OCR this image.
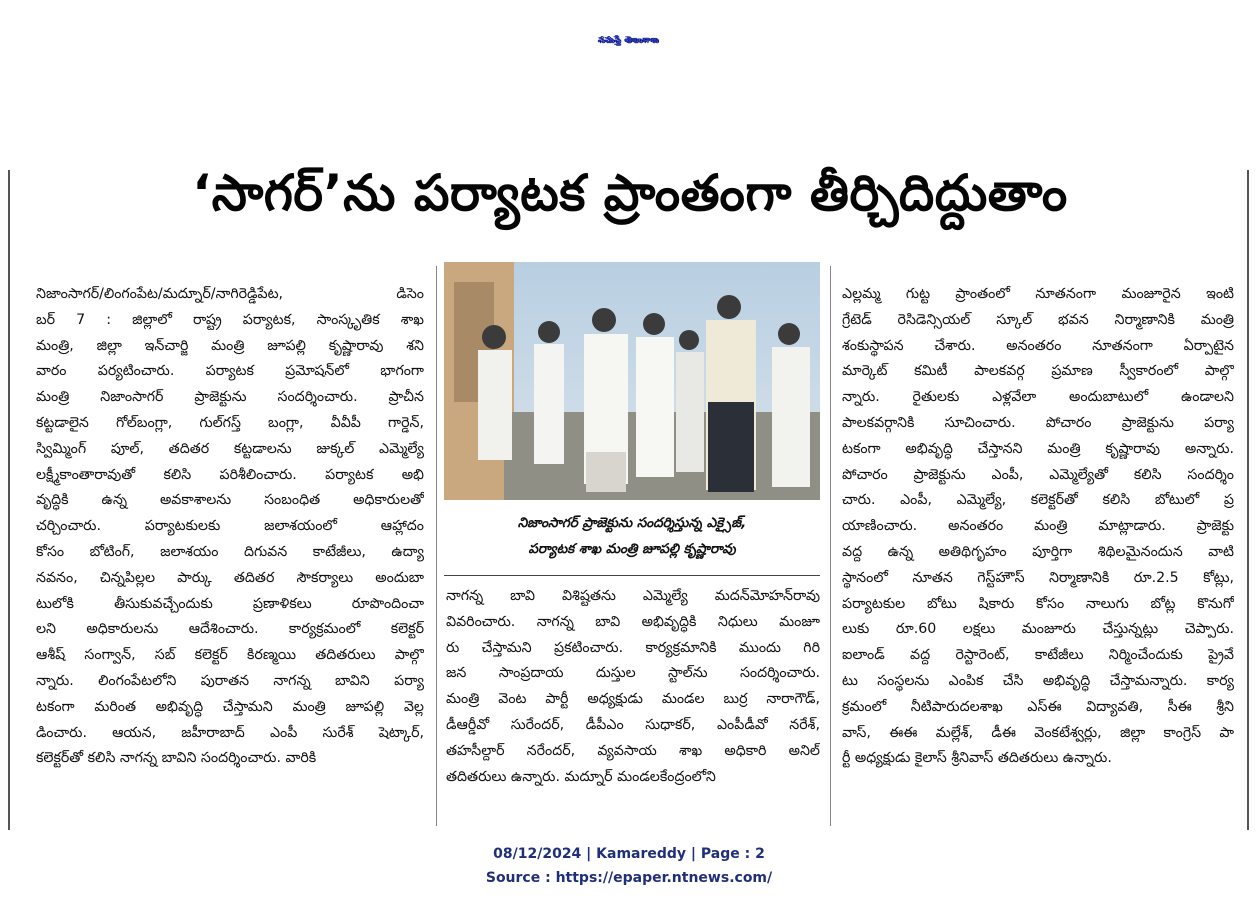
నమస్తే తెలంగాణ
‘సాగర్’ను పర్యాటక ప్రాంతంగా తీర్చిదిద్దుతాం
నిజాంసాగర్/లింగంపేట/మద్నూర్/నాగిరెడ్డిపేట, డిసెం
బర్ 7 : జిల్లాలో రాష్ట్ర పర్యాటక, సాంస్కృతిక శాఖ
మంత్రి, జిల్లా ఇన్‌చార్జి మంత్రి జూపల్లి కృష్ణారావు శని
వారం పర్యటించారు. పర్యాటక ప్రమోషన్‌లో భాగంగా
మంత్రి నిజాంసాగర్ ప్రాజెక్టును సందర్శించారు. ప్రాచీన
కట్టడాలైన గోల్‌బంగ్లా, గుల్‌గస్త్ బంగ్లా, వీవీపీ గార్డెన్,
స్విమ్మింగ్ పూల్, తదితర కట్టడాలను జుక్కల్ ఎమ్మెల్యే
లక్ష్మీకాంతారావుతో కలిసి పరిశీలించారు. పర్యాటక అభి
వృద్ధికి ఉన్న అవకాశాలను సంబంధిత అధికారులతో
చర్చించారు. పర్యాటకులకు జలాశయంలో ఆహ్లాదం
కోసం బోటింగ్, జలాశయం దిగువన కాటేజీలు, ఉద్యా
నవనం, చిన్నపిల్లల పార్కు తదితర సౌకర్యాలు అందుబా
టులోకి తీసుకువచ్చేందుకు ప్రణాళికలు రూపొందించా
లని అధికారులను ఆదేశించారు. కార్యక్రమంలో కలెక్టర్
ఆశీష్ సంగ్వాన్, సబ్ కలెక్టర్ కిరణ్మయి తదితరులు పాల్గొ
న్నారు. లింగంపేటలోని పురాతన నాగన్న బావిని పర్యా
టకంగా మరింత అభివృద్ధి చేస్తామని మంత్రి జూపల్లి వెల్ల
డించారు. ఆయన, జహీరాబాద్ ఎంపీ సురేశ్ షెట్కార్,
కలెక్టర్‌తో కలిసి నాగన్న బావిని సందర్శించారు. వారికి
నిజాంసాగర్ ప్రాజెక్టును సందర్శిస్తున్న ఎక్సైజ్,
పర్యాటక శాఖ మంత్రి జూపల్లి కృష్ణారావు
నాగన్న బావి విశిష్టతను ఎమ్మెల్యే మదన్‌మోహన్‌రావు
వివరించారు. నాగన్న బావి అభివృద్ధికి నిధులు మంజూ
రు చేస్తామని ప్రకటించారు. కార్యక్రమానికి ముందు గిరి
జన సాంప్రదాయ దుస్తుల స్టాల్‌ను సందర్శించారు.
మంత్రి వెంట పార్టీ అధ్యక్షుడు మండల బుర్ర నారాగౌడ్,
డీఆర్డీవో సురేందర్, డీపీఎం సుధాకర్, ఎంపీడీవో నరేశ్,
తహసీల్దార్ నరేందర్, వ్యవసాయ శాఖ అధికారి అనిల్
తదితరులు ఉన్నారు. మద్నూర్ మండలకేంద్రంలోని
ఎల్లమ్మ గుట్ట ప్రాంతంలో నూతనంగా మంజూరైన ఇంటి
గ్రేటెడ్ రెసిడెన్సియల్ స్కూల్ భవన నిర్మాణానికి మంత్రి
శంకుస్థాపన చేశారు. అనంతరం నూతనంగా ఏర్పాటైన
మార్కెట్ కమిటీ పాలకవర్గ ప్రమాణ స్వీకారంలో పాల్గొ
న్నారు. రైతులకు ఎళ్లవేలా అందుబాటులో ఉండాలని
పాలకవర్గానికి సూచించారు. పోచారం ప్రాజెక్టును పర్యా
టకంగా అభివృద్ధి చేస్తానని మంత్రి కృష్ణారావు అన్నారు.
పోచారం ప్రాజెక్టును ఎంపీ, ఎమ్మెల్యేతో కలిసి సందర్శిం
చారు. ఎంపీ, ఎమ్మెల్యే, కలెక్టర్‌తో కలిసి బోటులో ప్ర
యాణించారు. అనంతరం మంత్రి మాట్లాడారు. ప్రాజెక్టు
వద్ద ఉన్న అతిథిగృహం పూర్తిగా శిథిలమైనందున వాటి
స్థానంలో నూతన గెస్ట్‌హౌస్ నిర్మాణానికి రూ.2.5 కోట్లు,
పర్యాటకుల బోటు షికారు కోసం నాలుగు బోట్ల కొనుగో
లుకు రూ.60 లక్షలు మంజూరు చేస్తున్నట్లు చెప్పారు.
ఐలాండ్ వద్ద రెస్టారెంట్, కాటేజీలు నిర్మించేందుకు ప్రైవే
టు సంస్థలను ఎంపిక చేసి అభివృద్ధి చేస్తామన్నారు. కార్య
క్రమంలో నీటిపారుదలశాఖ ఎస్ఈ విద్యావతి, సీఈ శ్రీని
వాస్, ఈఈ మల్లేశ్, డీఈ వెంకటేశ్వర్లు, జిల్లా కాంగ్రెస్ పా
ర్టీ అధ్యక్షుడు కైలాస్ శ్రీనివాస్ తదితరులు ఉన్నారు.
08/12/2024 | Kamareddy | Page : 2
Source : https://epaper.ntnews.com/
